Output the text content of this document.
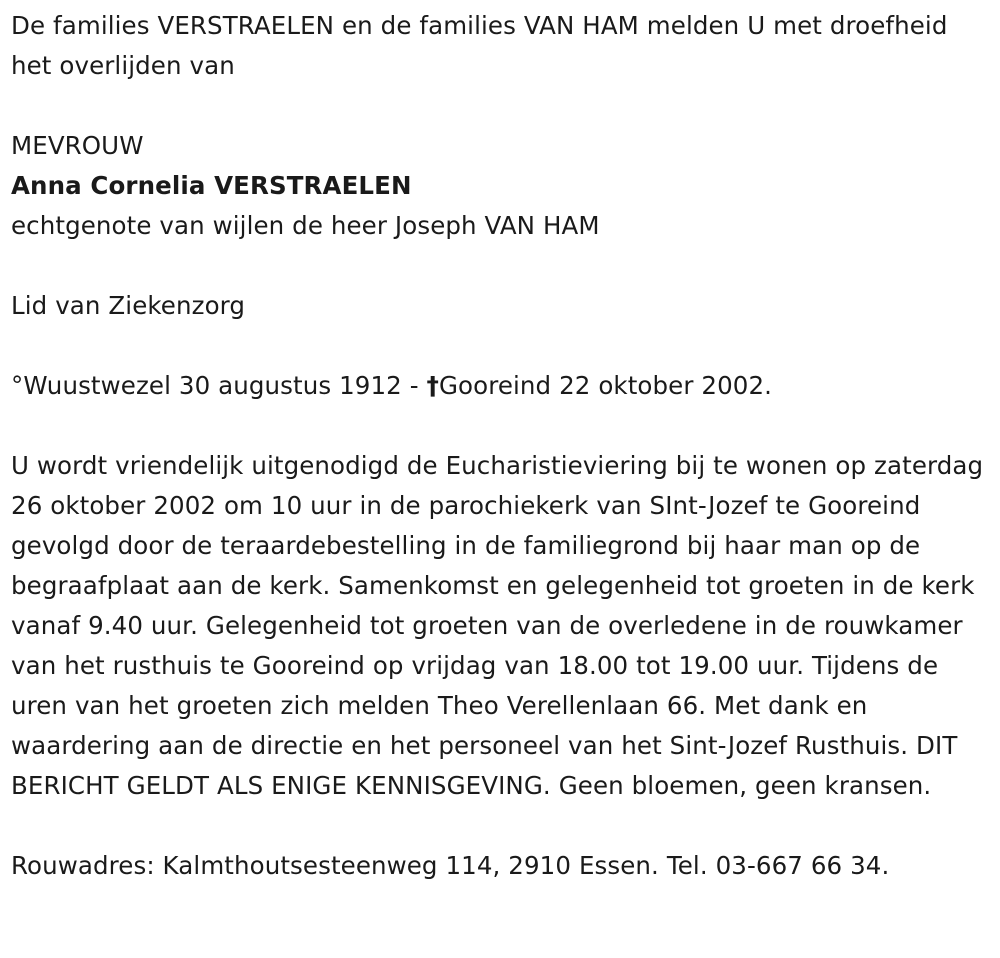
De families VERSTRAELEN en de families VAN HAM melden U met droefheid het overlijden van

MEVROUW

Anna Cornelia VERSTRAELEN

echtgenote van wijlen de heer Joseph VAN HAM

Lid van Ziekenzorg

°Wuustwezel 30 augustus 1912 - †Gooreind 22 oktober 2002.

U wordt vriendelijk uitgenodigd de Eucharistieviering bij te wonen op zaterdag 26 oktober 2002 om 10 uur in de parochiekerk van SInt-Jozef te Gooreind gevolgd door de teraardebestelling in de familiegrond bij haar man op de begraafplaat aan de kerk. Samenkomst en gelegenheid tot groeten in de kerk vanaf 9.40 uur. Gelegenheid tot groeten van de overledene in de rouwkamer van het rusthuis te Gooreind op vrijdag van 18.00 tot 19.00 uur. Tijdens de uren van het groeten zich melden Theo Verellenlaan 66. Met dank en waardering aan de directie en het personeel van het Sint-Jozef Rusthuis. DIT BERICHT GELDT ALS ENIGE KENNISGEVING. Geen bloemen, geen kransen.

Rouwadres: Kalmthoutsesteenweg 114, 2910 Essen. Tel. 03-667 66 34.
